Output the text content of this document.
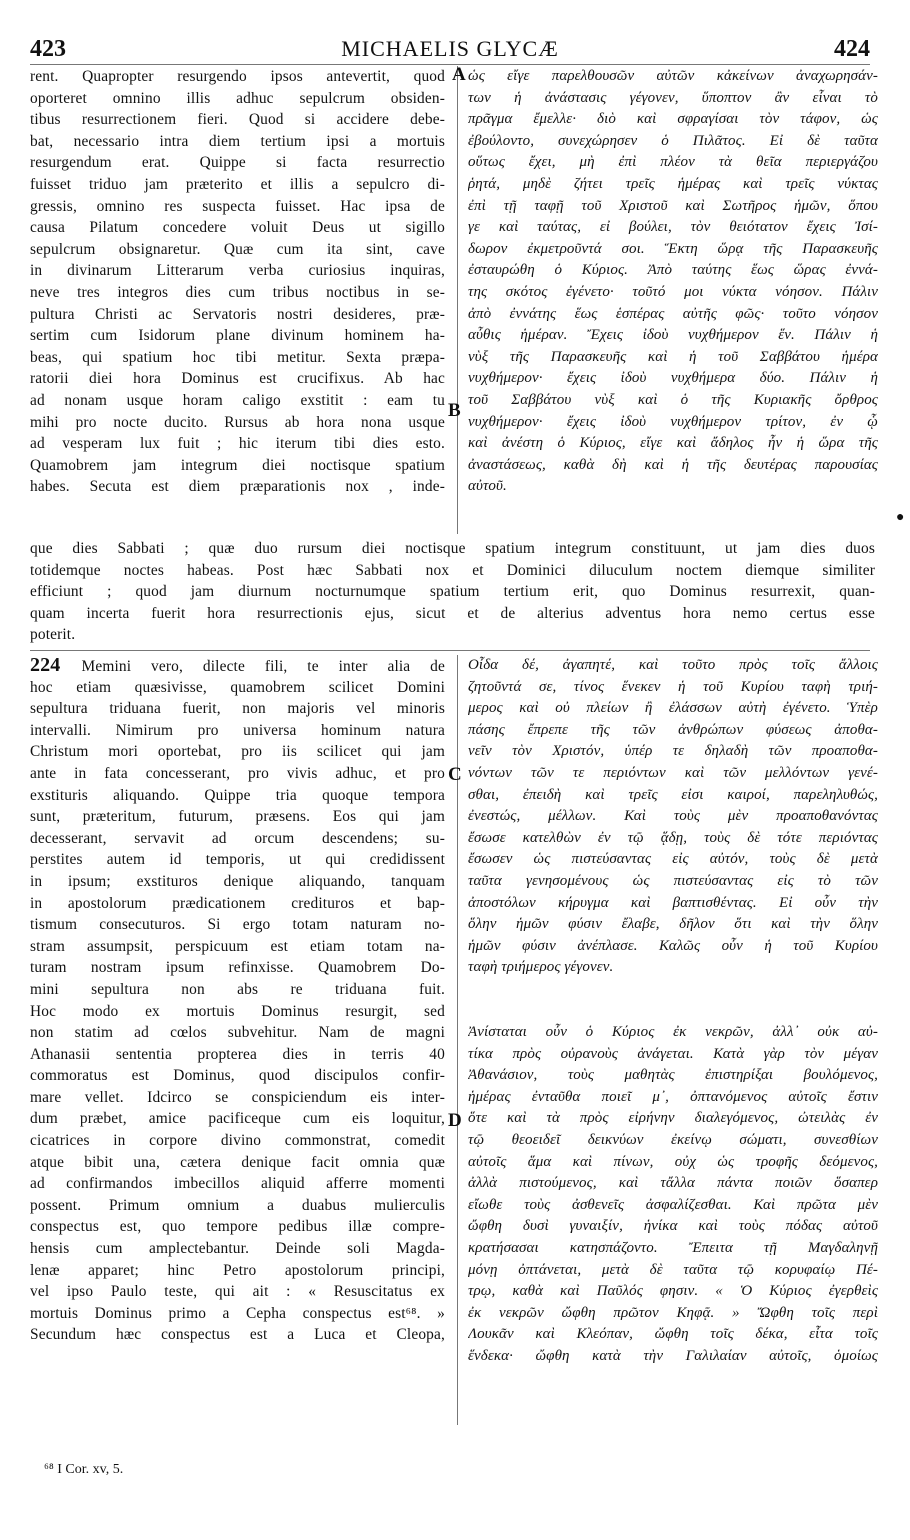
423	MICHAELIS GLYCÆ	424
rent. Quapropter resurgendo ipsos antevertit, quod
oporteret omnino illis adhuc sepulcrum obsiden-
tibus resurrectionem fieri. Quod si accidere debe-
bat, necessario intra diem tertium ipsi a mortuis
resurgendum erat. Quippe si facta resurrectio
fuisset triduo jam præterito et illis a sepulcro di-
gressis, omnino res suspecta fuisset. Hac ipsa de
causa Pilatum concedere voluit Deus ut sigillo
sepulcrum obsignaretur. Quæ cum ita sint, cave
in divinarum Litterarum verba curiosius inquiras,
neve tres integros dies cum tribus noctibus in se-
pultura Christi ac Servatoris nostri desideres, præ-
sertim cum Isidorum plane divinum hominem ha-
beas, qui spatium hoc tibi metitur. Sexta præpa-
ratorii diei hora Dominus est crucifixus. Ab hac
ad nonam usque horam caligo exstitit : eam tu
mihi pro nocte ducito. Rursus ab hora nona usque
ad vesperam lux fuit ; hic iterum tibi dies esto.
Quamobrem jam integrum diei noctisque spatium
habes. Secuta est diem præparationis nox , inde-
ὡς εἴγε παρελθουσῶν αὐτῶν κἀκείνων ἀναχωρησάν-
των ἡ ἀνάστασις γέγονεν, ὕποπτον ἂν εἶναι τὸ
πρᾶγμα ἔμελλε· διὸ καὶ σφραγίσαι τὸν τάφον, ὡς
ἐβούλοντο, συνεχώρησεν ὁ Πιλᾶτος. Εἰ δὲ ταῦτα
οὕτως ἔχει, μὴ ἐπὶ πλέον τὰ θεῖα περιεργάζου
ῥητά, μηδὲ ζήτει τρεῖς ἡμέρας καὶ τρεῖς νύκτας
ἐπὶ τῇ ταφῇ τοῦ Χριστοῦ καὶ Σωτῆρος ἡμῶν, ὅπου
γε καὶ ταύτας, εἰ βούλει, τὸν θειότατον ἔχεις Ἰσί-
δωρον ἐκμετροῦντά σοι. Ἕκτη ὥρᾳ τῆς Παρασκευῆς
ἐσταυρώθη ὁ Κύριος. Ἀπὸ ταύτης ἕως ὥρας ἐννά-
της σκότος ἐγένετο· τοῦτό μοι νύκτα νόησον. Πάλιν
ἀπὸ ἐννάτης ἕως ἑσπέρας αὐτῆς φῶς· τοῦτο νόησον
αὖθις ἡμέραν. Ἔχεις ἰδοὺ νυχθήμερον ἕν. Πάλιν ἡ
νὺξ τῆς Παρασκευῆς καὶ ἡ τοῦ Σαββάτου ἡμέρα
νυχθήμερον· ἔχεις ἰδοὺ νυχθήμερα δύο. Πάλιν ἡ
τοῦ Σαββάτου νὺξ καὶ ὁ τῆς Κυριακῆς ὄρθρος
νυχθήμερον· ἔχεις ἰδοὺ νυχθήμερον τρίτον, ἐν ᾧ
καὶ ἀνέστη ὁ Κύριος, εἴγε καὶ ἄδηλος ἦν ἡ ὥρα τῆς
ἀναστάσεως, καθὰ δὴ καὶ ἡ τῆς δευτέρας παρουσίας
αὐτοῦ.
que dies Sabbati ; quæ duo rursum diei noctisque spatium integrum constituunt, ut jam dies duos
totidemque noctes habeas. Post hæc Sabbati nox et Dominici diluculum noctem diemque similiter
efficiunt ; quod jam diurnum nocturnumque spatium tertium erit, quo Dominus resurrexit, quan-
quam incerta fuerit hora resurrectionis ejus, sicut et de alterius adventus hora nemo certus esse
poterit.
224 Memini vero, dilecte fili, te inter alia de
hoc etiam quæsivisse, quamobrem scilicet Domini
sepultura triduana fuerit, non majoris vel minoris
intervalli. Nimirum pro universa hominum natura
Christum mori oportebat, pro iis scilicet qui jam
ante in fata concesserant, pro vivis adhuc, et pro
exstituris aliquando. Quippe tria quoque tempora
sunt, præteritum, futurum, præsens. Eos qui jam
decesserant, servavit ad orcum descendens; su-
perstites autem id temporis, ut qui credidissent
in ipsum; exstituros denique aliquando, tanquam
in apostolorum prædicationem credituros et bap-
tismum consecuturos. Si ergo totam naturam no-
stram assumpsit, perspicuum est etiam totam na-
turam nostram ipsum refinxisse. Quamobrem Do-
mini sepultura non abs re triduana fuit.
Hoc modo ex mortuis Dominus resurgit, sed
non statim ad cœlos subvehitur. Nam de magni
Athanasii sententia propterea dies in terris 40
commoratus est Dominus, quod discipulos confir-
mare vellet. Idcirco se conspiciendum eis inter-
dum præbet, amice pacificeque cum eis loquitur,
cicatrices in corpore divino commonstrat, comedit
atque bibit una, cætera denique facit omnia quæ
ad confirmandos imbecillos aliquid afferre momenti
possent. Primum omnium a duabus mulierculis
conspectus est, quo tempore pedibus illæ compre-
hensis cum amplectebantur. Deinde soli Magda-
lenæ apparet; hinc Petro apostolorum principi,
vel ipso Paulo teste, qui ait : « Resuscitatus ex
mortuis Dominus primo a Cepha conspectus est⁶⁸. »
Secundum hæc conspectus est a Luca et Cleopa,
Οἶδα δέ, ἀγαπητέ, καὶ τοῦτο πρὸς τοῖς ἄλλοις
ζητοῦντά σε, τίνος ἕνεκεν ἡ τοῦ Κυρίου ταφὴ τριή-
μερος καὶ οὐ πλείων ἢ ἐλάσσων αὐτὴ ἐγένετο. Ὑπὲρ
πάσης ἔπρεπε τῆς τῶν ἀνθρώπων φύσεως ἀποθα-
νεῖν τὸν Χριστόν, ὑπέρ τε δηλαδὴ τῶν προαποθα-
νόντων τῶν τε περιόντων καὶ τῶν μελλόντων γενέ-
σθαι, ἐπειδὴ καὶ τρεῖς εἰσι καιροί, παρεληλυθώς,
ἐνεστώς, μέλλων. Καὶ τοὺς μὲν προαποθανόντας
ἔσωσε κατελθὼν ἐν τῷ ᾅδῃ, τοὺς δὲ τότε περιόντας
ἔσωσεν ὡς πιστεύσαντας εἰς αὐτόν, τοὺς δὲ μετὰ
ταῦτα γενησομένους ὡς πιστεύσαντας εἰς τὸ τῶν
ἀποστόλων κήρυγμα καὶ βαπτισθέντας. Εἰ οὖν τὴν
ὅλην ἡμῶν φύσιν ἔλαβε, δῆλον ὅτι καὶ τὴν ὅλην
ἡμῶν φύσιν ἀνέπλασε. Καλῶς οὖν ἡ τοῦ Κυρίου
ταφὴ τριήμερος γέγονεν.
Ἀνίσταται οὖν ὁ Κύριος ἐκ νεκρῶν, ἀλλ᾽ οὐκ αὐ-
τίκα πρὸς οὐρανοὺς ἀνάγεται. Κατὰ γὰρ τὸν μέγαν
Ἀθανάσιον, τοὺς μαθητὰς ἐπιστηρίξαι βουλόμενος,
ἡμέρας ἐνταῦθα ποιεῖ μ᾽, ὀπτανόμενος αὐτοῖς ἔστιν
ὅτε καὶ τὰ πρὸς εἰρήνην διαλεγόμενος, ὠτειλὰς ἐν
τῷ θεοειδεῖ δεικνύων ἐκείνῳ σώματι, συνεσθίων
αὐτοῖς ἅμα καὶ πίνων, οὐχ ὡς τροφῆς δεόμενος,
ἀλλὰ πιστούμενος, καὶ τἄλλα πάντα ποιῶν ὅσαπερ
εἴωθε τοὺς ἀσθενεῖς ἀσφαλίζεσθαι. Καὶ πρῶτα μὲν
ὤφθη δυσὶ γυναιξίν, ἡνίκα καὶ τοὺς πόδας αὐτοῦ
κρατήσασαι κατησπάζοντο. Ἔπειτα τῇ Μαγδαληνῇ
μόνῃ ὀπτάνεται, μετὰ δὲ ταῦτα τῷ κορυφαίῳ Πέ-
τρῳ, καθὰ καὶ Παῦλός φησιν. « Ὁ Κύριος ἐγερθεὶς
ἐκ νεκρῶν ὤφθη πρῶτον Κηφᾷ. » Ὤφθη τοῖς περὶ
Λουκᾶν καὶ Κλεόπαν, ὤφθη τοῖς δέκα, εἶτα τοῖς
ἕνδεκα· ὤφθη κατὰ τὴν Γαλιλαίαν αὐτοῖς, ὁμοίως
A
B
C
D
●
⁶⁸ I Cor. xv, 5.
